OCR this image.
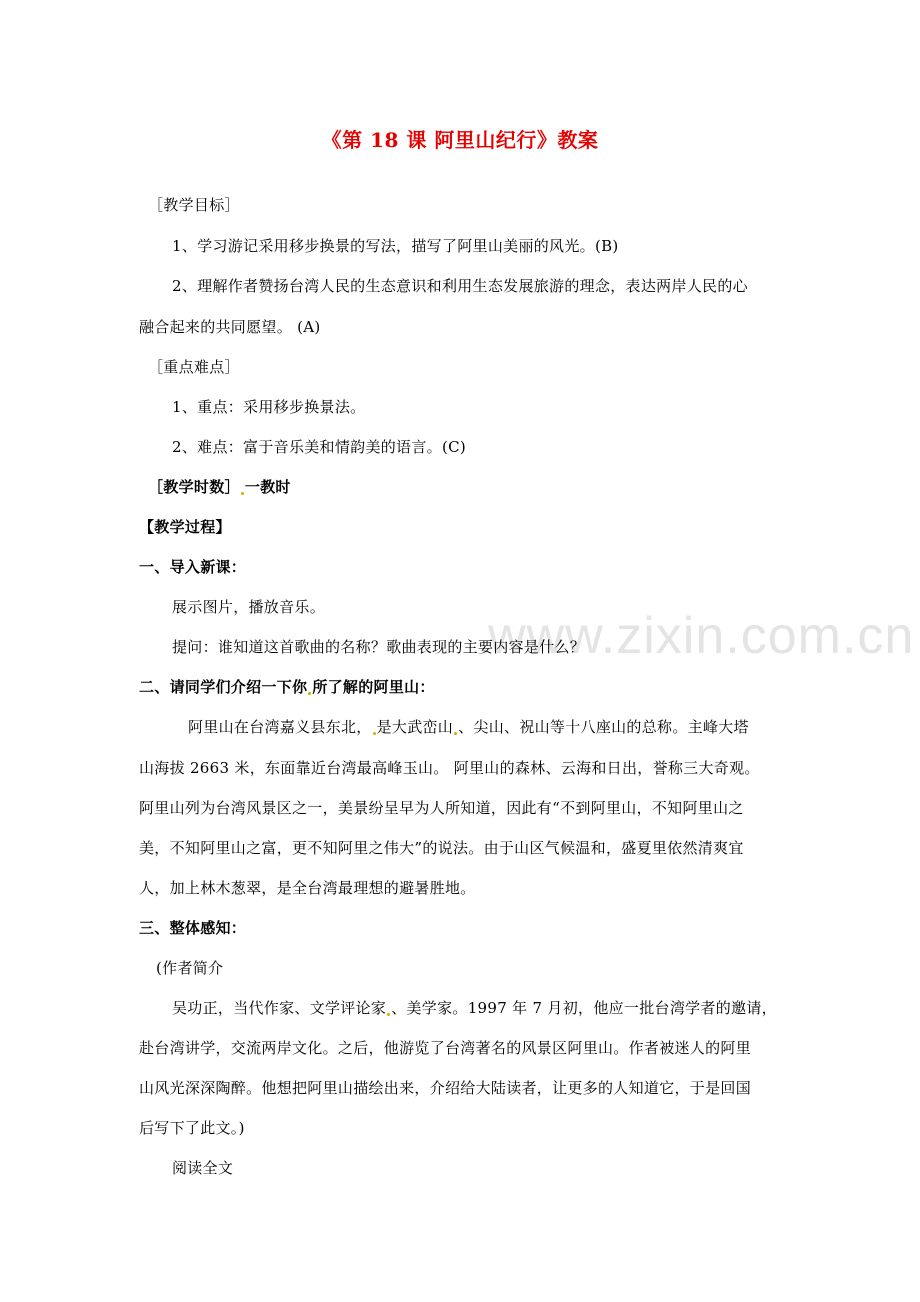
www.zixin.com.cn
《第 18 课 阿里山纪行》教案
［教学目标］
1、学习游记采用移步换景的写法，描写了阿里山美丽的风光。(B)
2、理解作者赞扬台湾人民的生态意识和利用生态发展旅游的理念，表达两岸人民的心
融合起来的共同愿望。 (A)
［重点难点］
1、重点：采用移步换景法。
2、难点：富于音乐美和情韵美的语言。(C)
［教学时数］ 一教时
【教学过程】
一、导入新课：
展示图片，播放音乐。
提问：谁知道这首歌曲的名称？歌曲表现的主要内容是什么？
二、请同学们介绍一下你 所了解的阿里山：
阿里山在台湾嘉义县东北， 是大武峦山 、尖山、祝山等十八座山的总称。主峰大塔
山海拔 2663 米，东面靠近台湾最高峰玉山。 阿里山的森林、云海和日出，誉称三大奇观。
阿里山列为台湾风景区之一，美景纷呈早为人所知道，因此有“不到阿里山，不知阿里山之
美，不知阿里山之富，更不知阿里之伟大”的说法。由于山区气候温和，盛夏里依然清爽宜
人，加上林木葱翠，是全台湾最理想的避暑胜地。
三、整体感知：
(作者简介
吴功正，当代作家、文学评论家 、美学家。1997 年 7 月初，他应一批台湾学者的邀请，
赴台湾讲学，交流两岸文化。之后，他游览了台湾著名的风景区阿里山。作者被迷人的阿里
山风光深深陶醉。他想把阿里山描绘出来，介绍给大陆读者，让更多的人知道它，于是回国
后写下了此文。)
阅读全文
